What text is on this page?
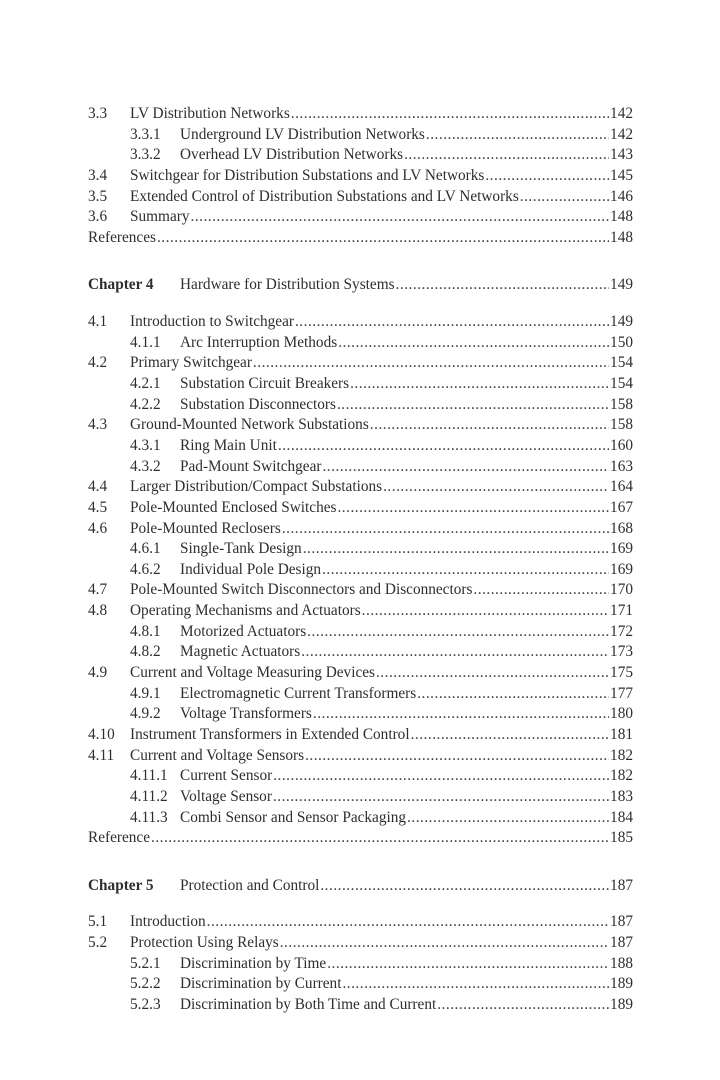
3.3	LV Distribution Networks .....	142
3.3.1	Underground LV Distribution Networks .....	142
3.3.2	Overhead LV Distribution Networks .....	143
3.4	Switchgear for Distribution Substations and LV Networks .....	145
3.5	Extended Control of Distribution Substations and LV Networks .....	146
3.6	Summary .....	148
References .....	148
Chapter 4	Hardware for Distribution Systems .....	149
4.1	Introduction to Switchgear .....	149
4.1.1	Arc Interruption Methods .....	150
4.2	Primary Switchgear .....	154
4.2.1	Substation Circuit Breakers .....	154
4.2.2	Substation Disconnectors .....	158
4.3	Ground-Mounted Network Substations .....	158
4.3.1	Ring Main Unit .....	160
4.3.2	Pad-Mount Switchgear .....	163
4.4	Larger Distribution/Compact Substations .....	164
4.5	Pole-Mounted Enclosed Switches .....	167
4.6	Pole-Mounted Reclosers .....	168
4.6.1	Single-Tank Design .....	169
4.6.2	Individual Pole Design .....	169
4.7	Pole-Mounted Switch Disconnectors and Disconnectors .....	170
4.8	Operating Mechanisms and Actuators .....	171
4.8.1	Motorized Actuators .....	172
4.8.2	Magnetic Actuators .....	173
4.9	Current and Voltage Measuring Devices .....	175
4.9.1	Electromagnetic Current Transformers .....	177
4.9.2	Voltage Transformers .....	180
4.10 Instrument Transformers in Extended Control .....	181
4.11	Current and Voltage Sensors .....	182
4.11.1 Current Sensor .....	182
4.11.2 Voltage Sensor .....	183
4.11.3 Combi Sensor and Sensor Packaging .....	184
Reference .....	185
Chapter 5	Protection and Control .....	187
5.1	Introduction .....	187
5.2	Protection Using Relays .....	187
5.2.1	Discrimination by Time .....	188
5.2.2	Discrimination by Current .....	189
5.2.3	Discrimination by Both Time and Current .....	189
